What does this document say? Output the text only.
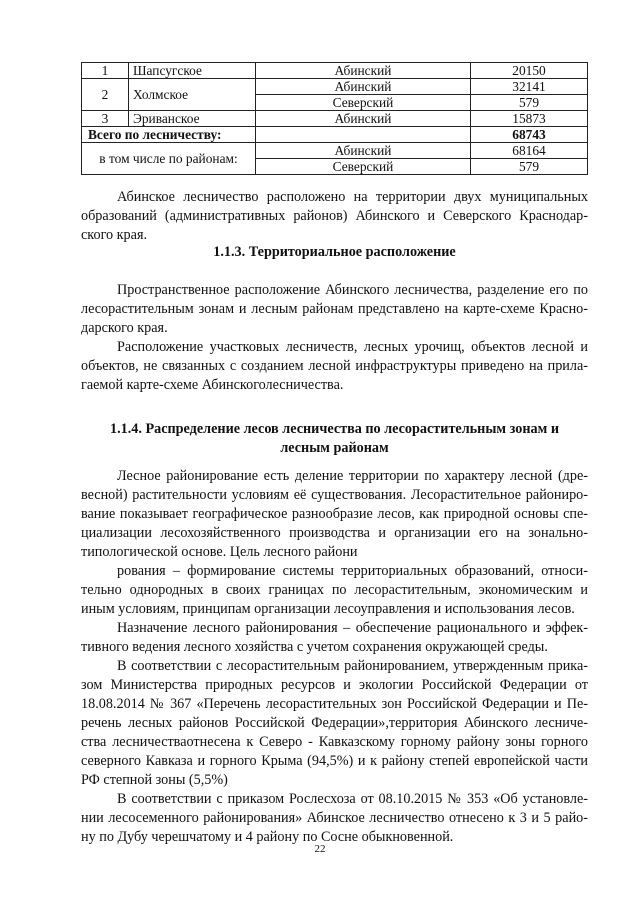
1	Шапсугское	Абинский	20150
2	Холмское	Абинский	32141
		Северский	579
3	Эриванское	Абинский	15873
Всего по лесничеству:			68743
в том числе по районам:		Абинский	68164
		Северский	579
Абинское лесничество расположено на территории двух муниципальных
образований (административных районов) Абинского и Северского Краснодар-
ского края.
1.1.3. Территориальное расположение
Пространственное расположение Абинского лесничества, разделение его по
лесорастительным зонам и лесным районам представлено на карте-схеме Красно-
дарского края.
Расположение участковых лесничеств, лесных урочищ, объектов лесной и
объектов, не связанных с созданием лесной инфраструктуры приведено на прила-
гаемой карте-схеме Абинскоголесничества.
1.1.4. Распределение лесов лесничества по лесорастительным зонам и
лесным районам
Лесное районирование есть деление территории по характеру лесной (дре-
весной) растительности условиям её существования. Лесорастительное райониро-
вание показывает географическое разнообразие лесов, как природной основы спе-
циализации лесохозяйственного производства и организации его на зонально-
типологической основе. Цель лесного райони
рования – формирование системы территориальных образований, относи-
тельно однородных в своих границах по лесорастительным, экономическим и
иным условиям, принципам организации лесоуправления и использования лесов.
Назначение лесного районирования – обеспечение рационального и эффек-
тивного ведения лесного хозяйства с учетом сохранения окружающей среды.
В соответствии с лесорастительным районированием, утвержденным прика-
зом Министерства природных ресурсов и экологии Российской Федерации от
18.08.2014 № 367 «Перечень лесорастительных зон Российской Федерации и Пе-
речень лесных районов Российской Федерации»,территория Абинского лесниче-
ства лесничестваотнесена к Северо - Кавказскому горному району зоны горного
северного Кавказа и горного Крыма (94,5%) и к району степей европейской части
РФ степной зоны (5,5%)
В соответствии с приказом Рослесхоза от 08.10.2015 № 353 «Об установле-
нии лесосеменного районирования» Абинское лесничество отнесено к 3 и 5 райо-
ну по Дубу черешчатому и 4 району по Сосне обыкновенной.
22
